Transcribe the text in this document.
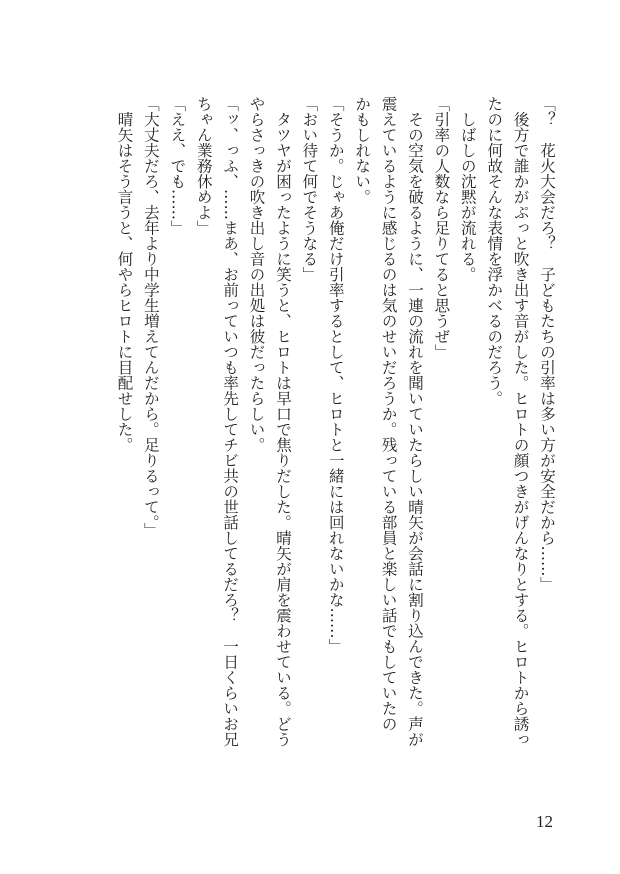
「？　花火大会だろ？　子どもたちの引率は多い方が安全だから……」
　後方で誰かがぷっと吹き出す音がした。ヒロトの顔つきがげんなりとする。ヒロトから誘っ
たのに何故そんな表情を浮かべるのだろう。
　しばしの沈黙が流れる。
「引率の人数なら足りてると思うぜ」
　その空気を破るように、一連の流れを聞いていたらしい晴矢が会話に割り込んできた。声が
震えているように感じるのは気のせいだろうか。残っている部員と楽しい話でもしていたの
かもしれない。
「そうか。じゃあ俺だけ引率するとして、ヒロトと一緒には回れないかな……」
「おい待て何でそうなる」
　タツヤが困ったように笑うと、ヒロトは早口で焦りだした。晴矢が肩を震わせている。どう
やらさっきの吹き出し音の出処は彼だったらしい。
「ッ、っふ、……まあ、お前っていつも率先してチビ共の世話してるだろ？　一日くらいお兄
ちゃん業務休めよ」
「ええ、でも……」
「大丈夫だろ、去年より中学生増えてんだから。足りるって。」
　晴矢はそう言うと、何やらヒロトに目配せした。
12
